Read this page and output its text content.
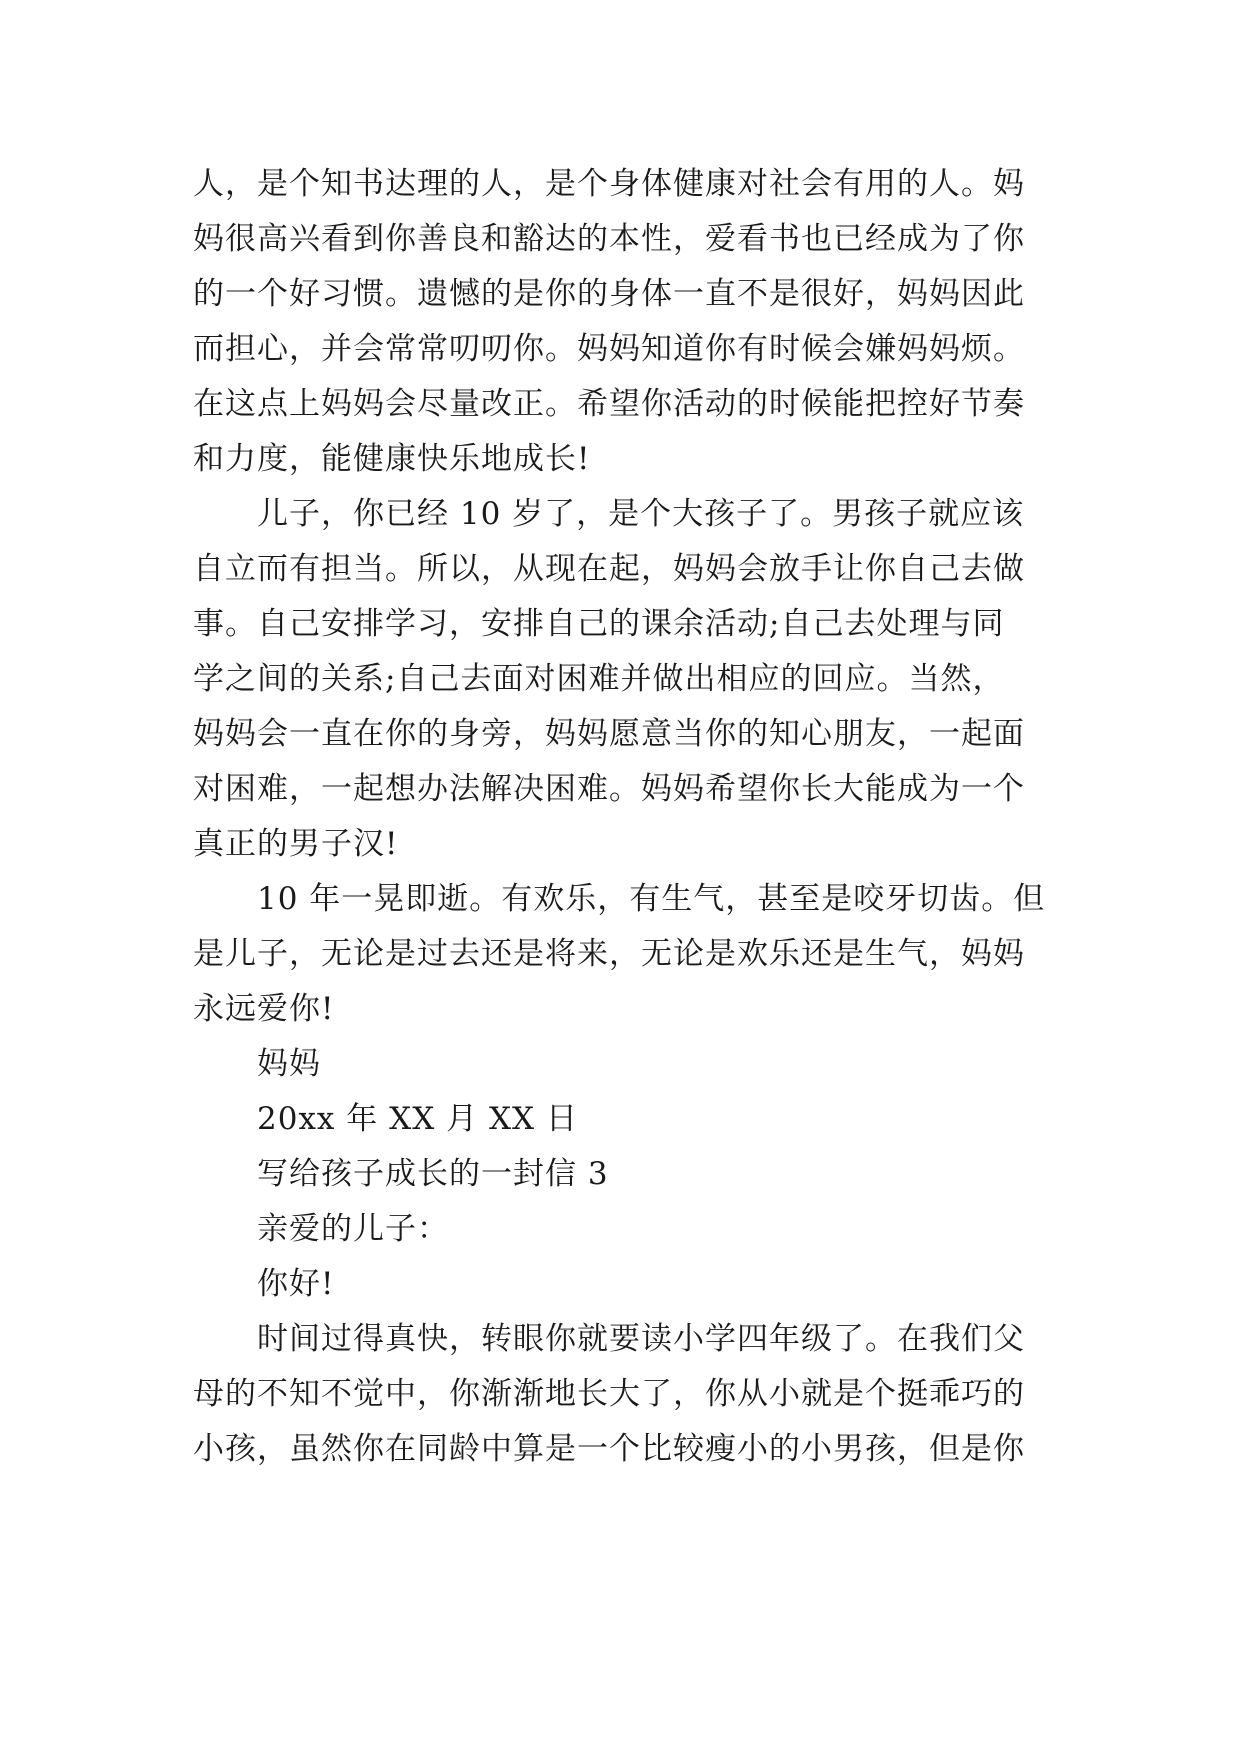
人，是个知书达理的人，是个身体健康对社会有用的人。妈
妈很高兴看到你善良和豁达的本性，爱看书也已经成为了你
的一个好习惯。遗憾的是你的身体一直不是很好，妈妈因此
而担心，并会常常叨叨你。妈妈知道你有时候会嫌妈妈烦。
在这点上妈妈会尽量改正。希望你活动的时候能把控好节奏
和力度，能健康快乐地成长!
儿子，你已经 10 岁了，是个大孩子了。男孩子就应该
自立而有担当。所以，从现在起，妈妈会放手让你自己去做
事。自己安排学习，安排自己的课余活动;自己去处理与同
学之间的关系;自己去面对困难并做出相应的回应。当然，
妈妈会一直在你的身旁，妈妈愿意当你的知心朋友，一起面
对困难，一起想办法解决困难。妈妈希望你长大能成为一个
真正的男子汉!
10 年一晃即逝。有欢乐，有生气，甚至是咬牙切齿。但
是儿子，无论是过去还是将来，无论是欢乐还是生气，妈妈
永远爱你!
妈妈
20xx 年 XX 月 XX 日
写给孩子成长的一封信 3
亲爱的儿子：
你好!
时间过得真快，转眼你就要读小学四年级了。在我们父
母的不知不觉中，你渐渐地长大了，你从小就是个挺乖巧的
小孩，虽然你在同龄中算是一个比较瘦小的小男孩，但是你
